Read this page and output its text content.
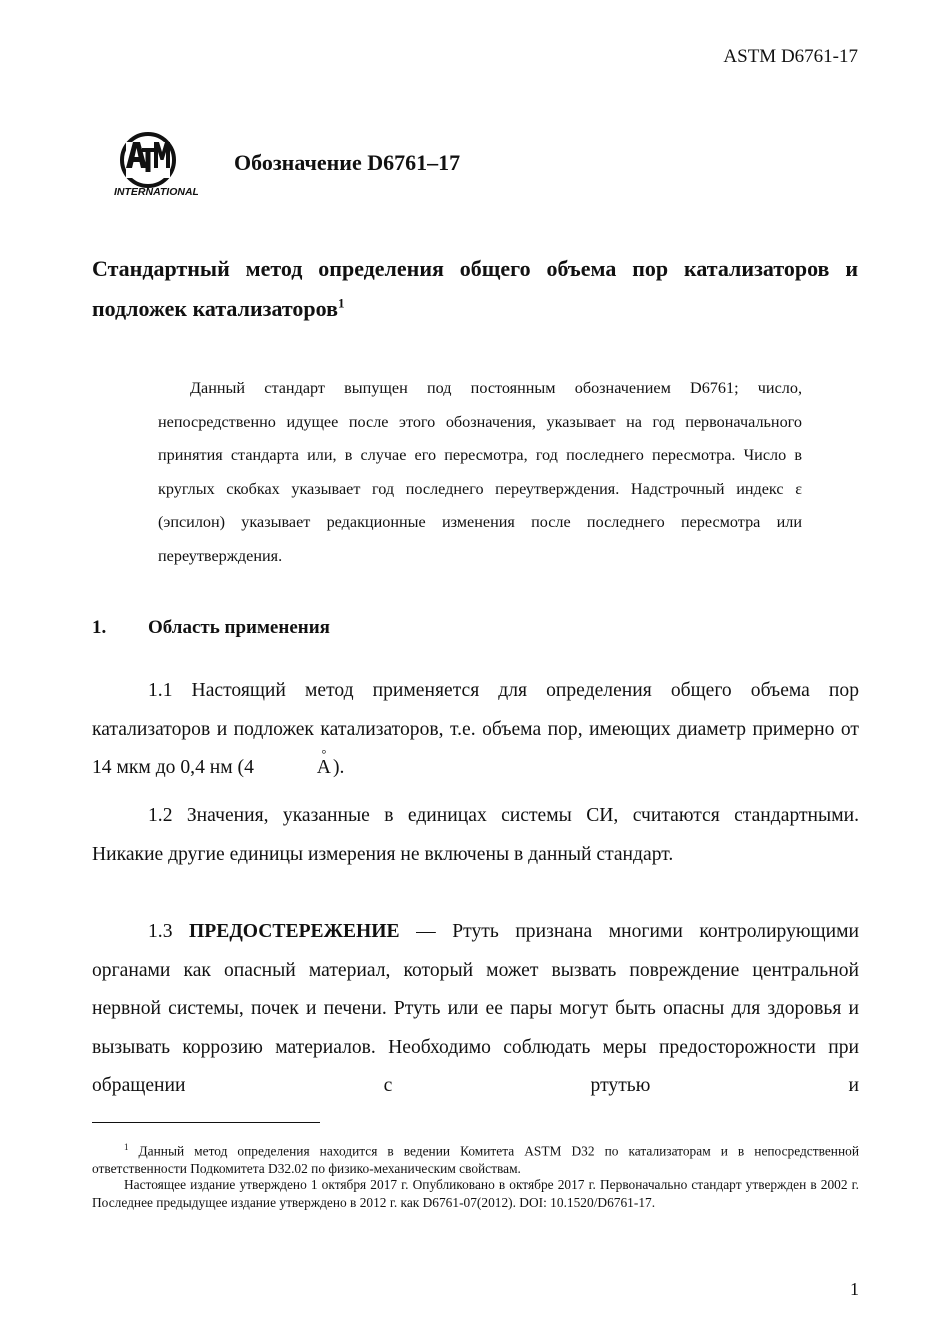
ASTM D6761-17
INTERNATIONAL
Обозначение D6761–17
Стандартный метод определения общего объема пор катализаторов и подложек катализаторов$^1$

Данный стандарт выпущен под постоянным обозначением D6761; число, непосредственно идущее после этого обозначения, указывает на год первоначального принятия стандарта или, в случае его пересмотра, год последнего пересмотра. Число в круглых скобках указывает год последнего переутверждения. Надстрочный индекс ε (эпсилон) указывает редакционные изменения после последнего пересмотра или переутверждения.

1. Область применения

1.1 Настоящий метод применяется для определения общего объема пор катализаторов и подложек катализаторов, т.е. объема пор, имеющих диаметр примерно от 14 мкм до 0,4 нм (4 °	A ).

1.2 Значения, указанные в единицах системы СИ, считаются стандартными. Никакие другие единицы измерения не включены в данный стандарт.

1.3 ПРЕДОСТЕРЕЖЕНИЕ — Ртуть признана многими контролирующими органами как опасный материал, который может вызвать повреждение центральной нервной системы, почек и печени. Ртуть или ее пары могут быть опасны для здоровья и вызывать коррозию материалов. Необходимо соблюдать меры предосторожности при обращении с ртутью и

$^1$ Данный метод определения находится в ведении Комитета ASTM D32 по катализаторам и в непосредственной ответственности Подкомитета D32.02 по физико-механическим свойствам.

Настоящее издание утверждено 1 октября 2017 г. Опубликовано в октябре 2017 г. Первоначально стандарт утвержден в 2002 г. Последнее предыдущее издание утверждено в 2012 г. как D6761-07(2012). DOI: 10.1520/D6761-17.

1
